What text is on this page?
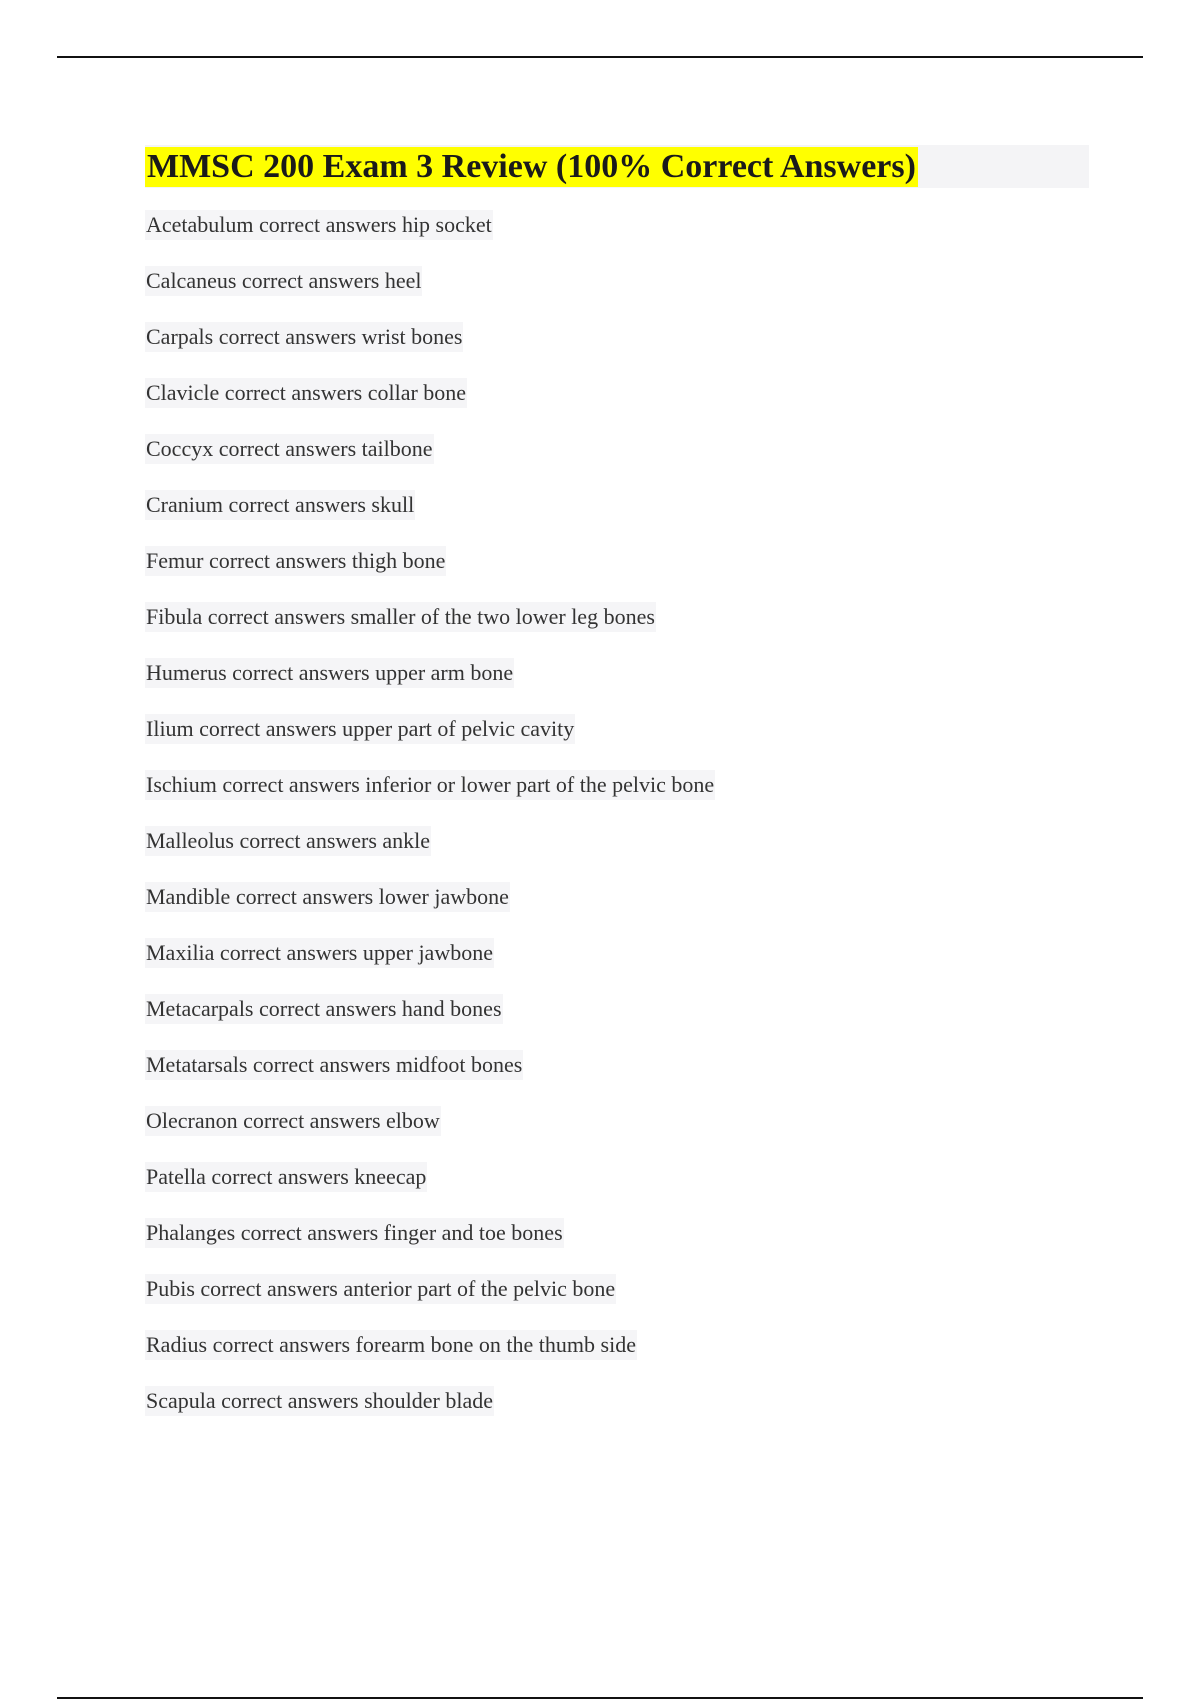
MMSC 200 Exam 3 Review (100% Correct Answers)
Acetabulum correct answers hip socket
Calcaneus correct answers heel
Carpals correct answers wrist bones
Clavicle correct answers collar bone
Coccyx correct answers tailbone
Cranium correct answers skull
Femur correct answers thigh bone
Fibula correct answers smaller of the two lower leg bones
Humerus correct answers upper arm bone
Ilium correct answers upper part of pelvic cavity
Ischium correct answers inferior or lower part of the pelvic bone
Malleolus correct answers ankle
Mandible correct answers lower jawbone
Maxilia correct answers upper jawbone
Metacarpals correct answers hand bones
Metatarsals correct answers midfoot bones
Olecranon correct answers elbow
Patella correct answers kneecap
Phalanges correct answers finger and toe bones
Pubis correct answers anterior part of the pelvic bone
Radius correct answers forearm bone on the thumb side
Scapula correct answers shoulder blade
